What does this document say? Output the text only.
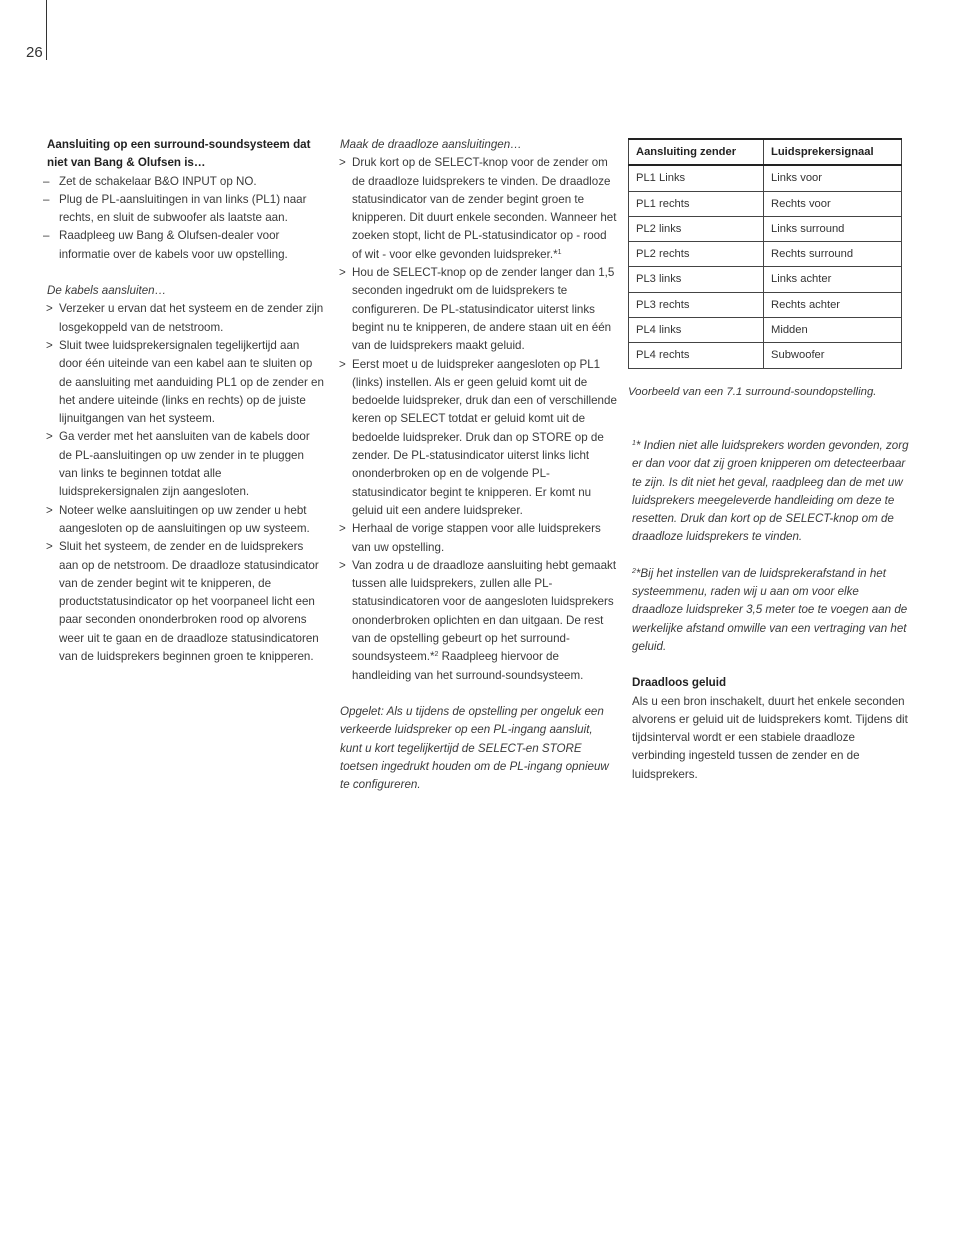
26

Aansluiting op een surround-soundsysteem dat niet van Bang & Olufsen is…

– Zet de schakelaar B&O INPUT op NO.
– Plug de PL-aansluitingen in van links (PL1) naar rechts, en sluit de subwoofer als laatste aan.
– Raadpleeg uw Bang & Olufsen-dealer voor informatie over de kabels voor uw opstelling.

De kabels aansluiten…

> Verzeker u ervan dat het systeem en de zender zijn losgekoppeld van de netstroom.
> Sluit twee luidsprekersignalen tegelijkertijd aan door één uiteinde van een kabel aan te sluiten op de aansluiting met aanduiding PL1 op de zender en het andere uiteinde (links en rechts) op de juiste lijnuitgangen van het systeem.
> Ga verder met het aansluiten van de kabels door de PL-aansluitingen op uw zender in te pluggen van links te beginnen totdat alle luidsprekersignalen zijn aangesloten.
> Noteer welke aansluitingen op uw zender u hebt aangesloten op de aansluitingen op uw systeem.
> Sluit het systeem, de zender en de luidsprekers aan op de netstroom. De draadloze statusindicator van de zender begint wit te knipperen, de productstatusindicator op het voorpaneel licht een paar seconden ononderbroken rood op alvorens weer uit te gaan en de draadloze statusindicatoren van de luidsprekers beginnen groen te knipperen.

Maak de draadloze aansluitingen…

> Druk kort op de SELECT-knop voor de zender om de draadloze luidsprekers te vinden. De draadloze statusindicator van de zender begint groen te knipperen. Dit duurt enkele seconden. Wanneer het zoeken stopt, licht de PL-statusindicator op - rood of wit - voor elke gevonden luidspreker.*$^1$
> Hou de SELECT-knop op de zender langer dan 1,5 seconden ingedrukt om de luidsprekers te configureren. De PL-statusindicator uiterst links begint nu te knipperen, de andere staan uit en één van de luidsprekers maakt geluid.
> Eerst moet u de luidspreker aangesloten op PL1 (links) instellen. Als er geen geluid komt uit de bedoelde luidspreker, druk dan een of verschillende keren op SELECT totdat er geluid komt uit de bedoelde luidspreker. Druk dan op STORE op de zender. De PL-statusindicator uiterst links licht ononderbroken op en de volgende PL-statusindicator begint te knipperen. Er komt nu geluid uit een andere luidspreker.
> Herhaal de vorige stappen voor alle luidsprekers van uw opstelling.
> Van zodra u de draadloze aansluiting hebt gemaakt tussen alle luidsprekers, zullen alle PL-statusindicatoren voor de aangesloten luidsprekers ononderbroken oplichten en dan uitgaan. De rest van de opstelling gebeurt op het surround-soundsysteem.*$^2$ Raadpleeg hiervoor de handleiding van het surround-soundsysteem.

Opgelet: Als u tijdens de opstelling per ongeluk een verkeerde luidspreker op een PL-ingang aansluit, kunt u kort tegelijkertijd de SELECT-en STORE toetsen ingedrukt houden om de PL-ingang opnieuw te configureren.

Aansluiting zender	Luidsprekersignaal
PL1 Links	Links voor
PL1 rechts	Rechts voor
PL2 links	Links surround
PL2 rechts	Rechts surround
PL3 links	Links achter
PL3 rechts	Rechts achter
PL4 links	Midden
PL4 rechts	Subwoofer

Voorbeeld van een 7.1 surround-soundopstelling.

$^1$* Indien niet alle luidsprekers worden gevonden, zorg er dan voor dat zij groen knipperen om detecteerbaar te zijn. Is dit niet het geval, raadpleeg dan de met uw luidsprekers meegeleverde handleiding om deze te resetten. Druk dan kort op de SELECT-knop om de draadloze luidsprekers te vinden.

$^2$*Bij het instellen van de luidsprekerafstand in het systeemmenu, raden wij u aan om voor elke draadloze luidspreker 3,5 meter toe te voegen aan de werkelijke afstand omwille van een vertraging van het geluid.

Draadloos geluid

Als u een bron inschakelt, duurt het enkele seconden alvorens er geluid uit de luidsprekers komt. Tijdens dit tijdsinterval wordt er een stabiele draadloze verbinding ingesteld tussen de zender en de luidsprekers.
